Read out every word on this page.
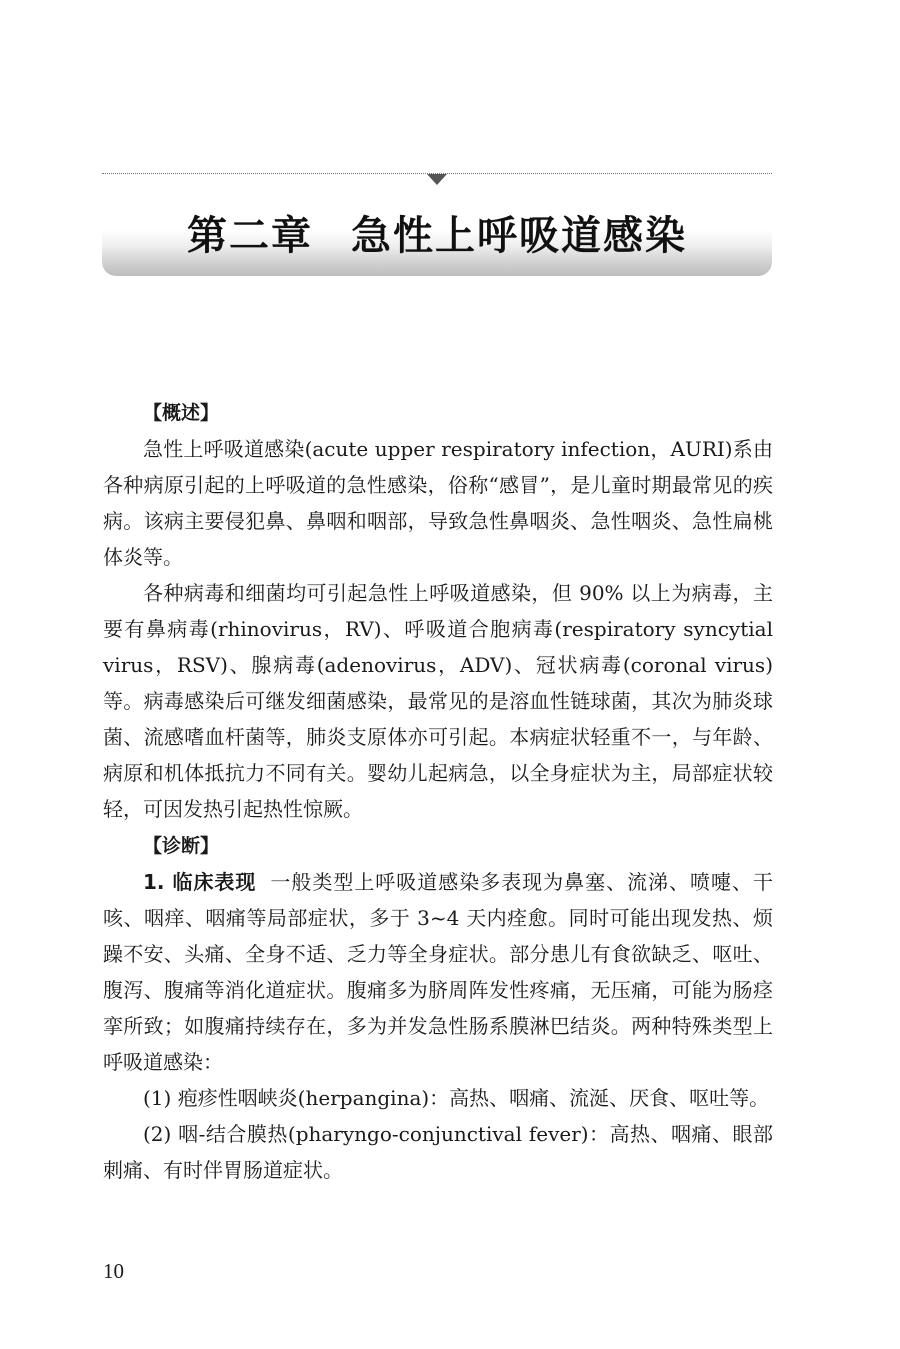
第二章 急性上呼吸道感染

【概述】

急性上呼吸道感染(acute upper respiratory infection，AURI)系由各种病原引起的上呼吸道的急性感染，俗称“感冒”，是儿童时期最常见的疾病。该病主要侵犯鼻、鼻咽和咽部，导致急性鼻咽炎、急性咽炎、急性扁桃体炎等。

各种病毒和细菌均可引起急性上呼吸道感染，但 90% 以上为病毒，主要有鼻病毒(rhinovirus，RV)、呼吸道合胞病毒(respiratory syncytial virus，RSV)、腺病毒(adenovirus，ADV)、冠状病毒(coronal virus)等。病毒感染后可继发细菌感染，最常见的是溶血性链球菌，其次为肺炎球菌、流感嗜血杆菌等，肺炎支原体亦可引起。本病症状轻重不一，与年龄、病原和机体抵抗力不同有关。婴幼儿起病急，以全身症状为主，局部症状较轻，可因发热引起热性惊厥。

【诊断】

1. 临床表现 一般类型上呼吸道感染多表现为鼻塞、流涕、喷嚏、干咳、咽痒、咽痛等局部症状，多于 3~4 天内痊愈。同时可能出现发热、烦躁不安、头痛、全身不适、乏力等全身症状。部分患儿有食欲缺乏、呕吐、腹泻、腹痛等消化道症状。腹痛多为脐周阵发性疼痛，无压痛，可能为肠痉挛所致；如腹痛持续存在，多为并发急性肠系膜淋巴结炎。两种特殊类型上呼吸道感染：

(1) 疱疹性咽峡炎(herpangina)：高热、咽痛、流涎、厌食、呕吐等。

(2) 咽-结合膜热(pharyngo-conjunctival fever)：高热、咽痛、眼部刺痛、有时伴胃肠道症状。

10
